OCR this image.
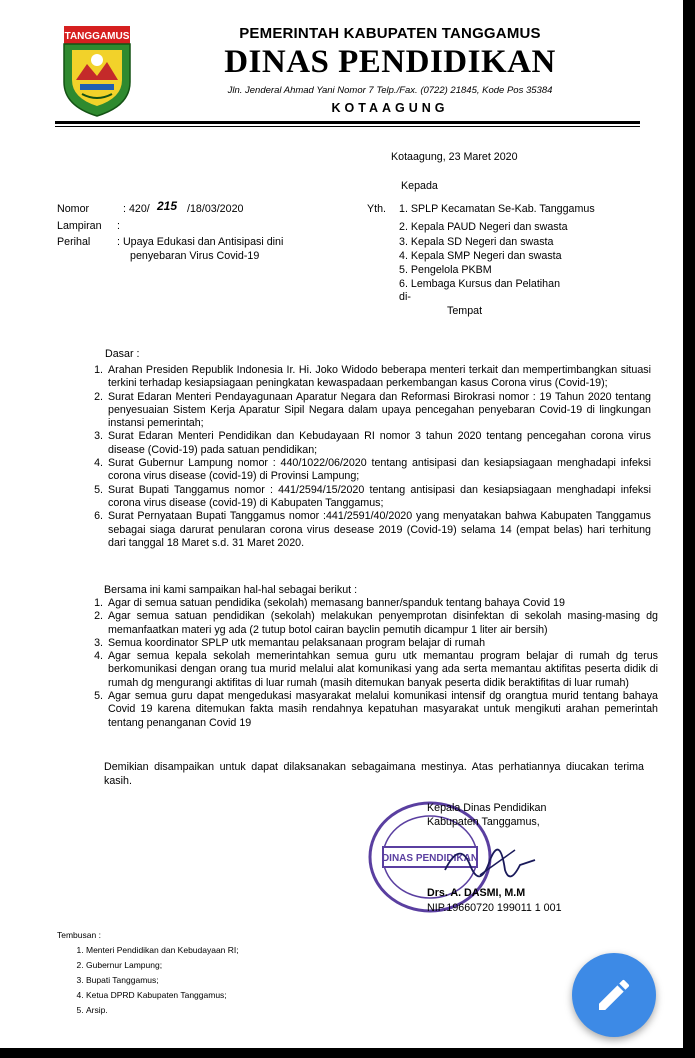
TANGGAMUS	PEMERINTAH KABUPATEN TANGGAMUS
DINAS PENDIDIKAN
Jln. Jenderal Ahmad Yani Nomor 7 Telp./Fax. (0722) 21845, Kode Pos 35384
KOTAAGUNG
Kotaagung, 23 Maret 2020
Kepada
Nomor	: 420/ 215 /18/03/2020
Lampiran :
Perihal : Upaya Edukasi dan Antisipasi dini
penyebaran Virus Covid-19
Yth. 1. SPLP Kecamatan Se-Kab. Tanggamus
2. Kepala PAUD Negeri dan swasta
3. Kepala SD Negeri dan swasta
4. Kepala SMP Negeri dan swasta
5. Pengelola PKBM
6. Lembaga Kursus dan Pelatihan
di-
Tempat
Dasar :
1. Arahan Presiden Republik Indonesia Ir. Hi. Joko Widodo beberapa menteri terkait dan mempertimbangkan situasi terkini terhadap kesiapsiagaan peningkatan kewaspadaan perkembangan kasus Corona virus (Covid-19);
2. Surat Edaran Menteri Pendayagunaan Aparatur Negara dan Reformasi Birokrasi nomor : 19 Tahun 2020 tentang penyesuaian Sistem Kerja Aparatur Sipil Negara dalam upaya pencegahan penyebaran Covid-19 di lingkungan instansi pemerintah;
3. Surat Edaran Menteri Pendidikan dan Kebudayaan RI nomor 3 tahun 2020 tentang pencegahan corona virus disease (Covid-19) pada satuan pendidikan;
4. Surat Gubernur Lampung nomor : 440/1022/06/2020 tentang antisipasi dan kesiapsiagaan menghadapi infeksi corona virus disease (covid-19) di Provinsi Lampung;
5. Surat Bupati Tanggamus nomor : 441/2594/15/2020 tentang antisipasi dan kesiapsiagaan menghadapi infeksi corona virus disease (covid-19) di Kabupaten Tanggamus;
6. Surat Pernyataan Bupati Tanggamus nomor :441/2591/40/2020 yang menyatakan bahwa Kabupaten Tanggamus sebagai siaga darurat penularan corona virus desease 2019 (Covid-19) selama 14 (empat belas) hari terhitung dari tanggal 18 Maret s.d. 31 Maret 2020.
Bersama ini kami sampaikan hal-hal sebagai berikut :
1. Agar di semua satuan pendidika (sekolah) memasang banner/spanduk tentang bahaya Covid 19
2. Agar semua satuan pendidikan (sekolah) melakukan penyemprotan disinfektan di sekolah masing-masing dg memanfaatkan materi yg ada (2 tutup botol cairan bayclin pemutih dicampur 1 liter air bersih)
3. Semua koordinator SPLP utk memantau pelaksanaan program belajar di rumah
4. Agar semua kepala sekolah memerintahkan semua guru utk memantau program belajar di rumah dg terus berkomunikasi dengan orang tua murid melalui alat komunikasi yang ada serta memantau aktifitas peserta didik di rumah dg mengurangi aktifitas di luar rumah (masih ditemukan banyak peserta didik beraktifitas di luar rumah)
5. Agar semua guru dapat mengedukasi masyarakat melalui komunikasi intensif dg orangtua murid tentang bahaya Covid 19 karena ditemukan fakta masih rendahnya kepatuhan masyarakat untuk mengikuti arahan pemerintah tentang penanganan Covid 19
Demikian disampaikan untuk dapat dilaksanakan sebagaimana mestinya. Atas perhatiannya diucakan terima kasih.
DINAS PENDIDIKAN
Kepala Dinas Pendidikan
Kabupaten Tanggamus,
Drs. A. DASMI, M.M
NIP.19660720 199011 1 001
Tembusan :
1. Menteri Pendidikan dan Kebudayaan RI;
2. Gubernur Lampung;
3. Bupati Tanggamus;
4. Ketua DPRD Kabupaten Tanggamus;
5. Arsip.
